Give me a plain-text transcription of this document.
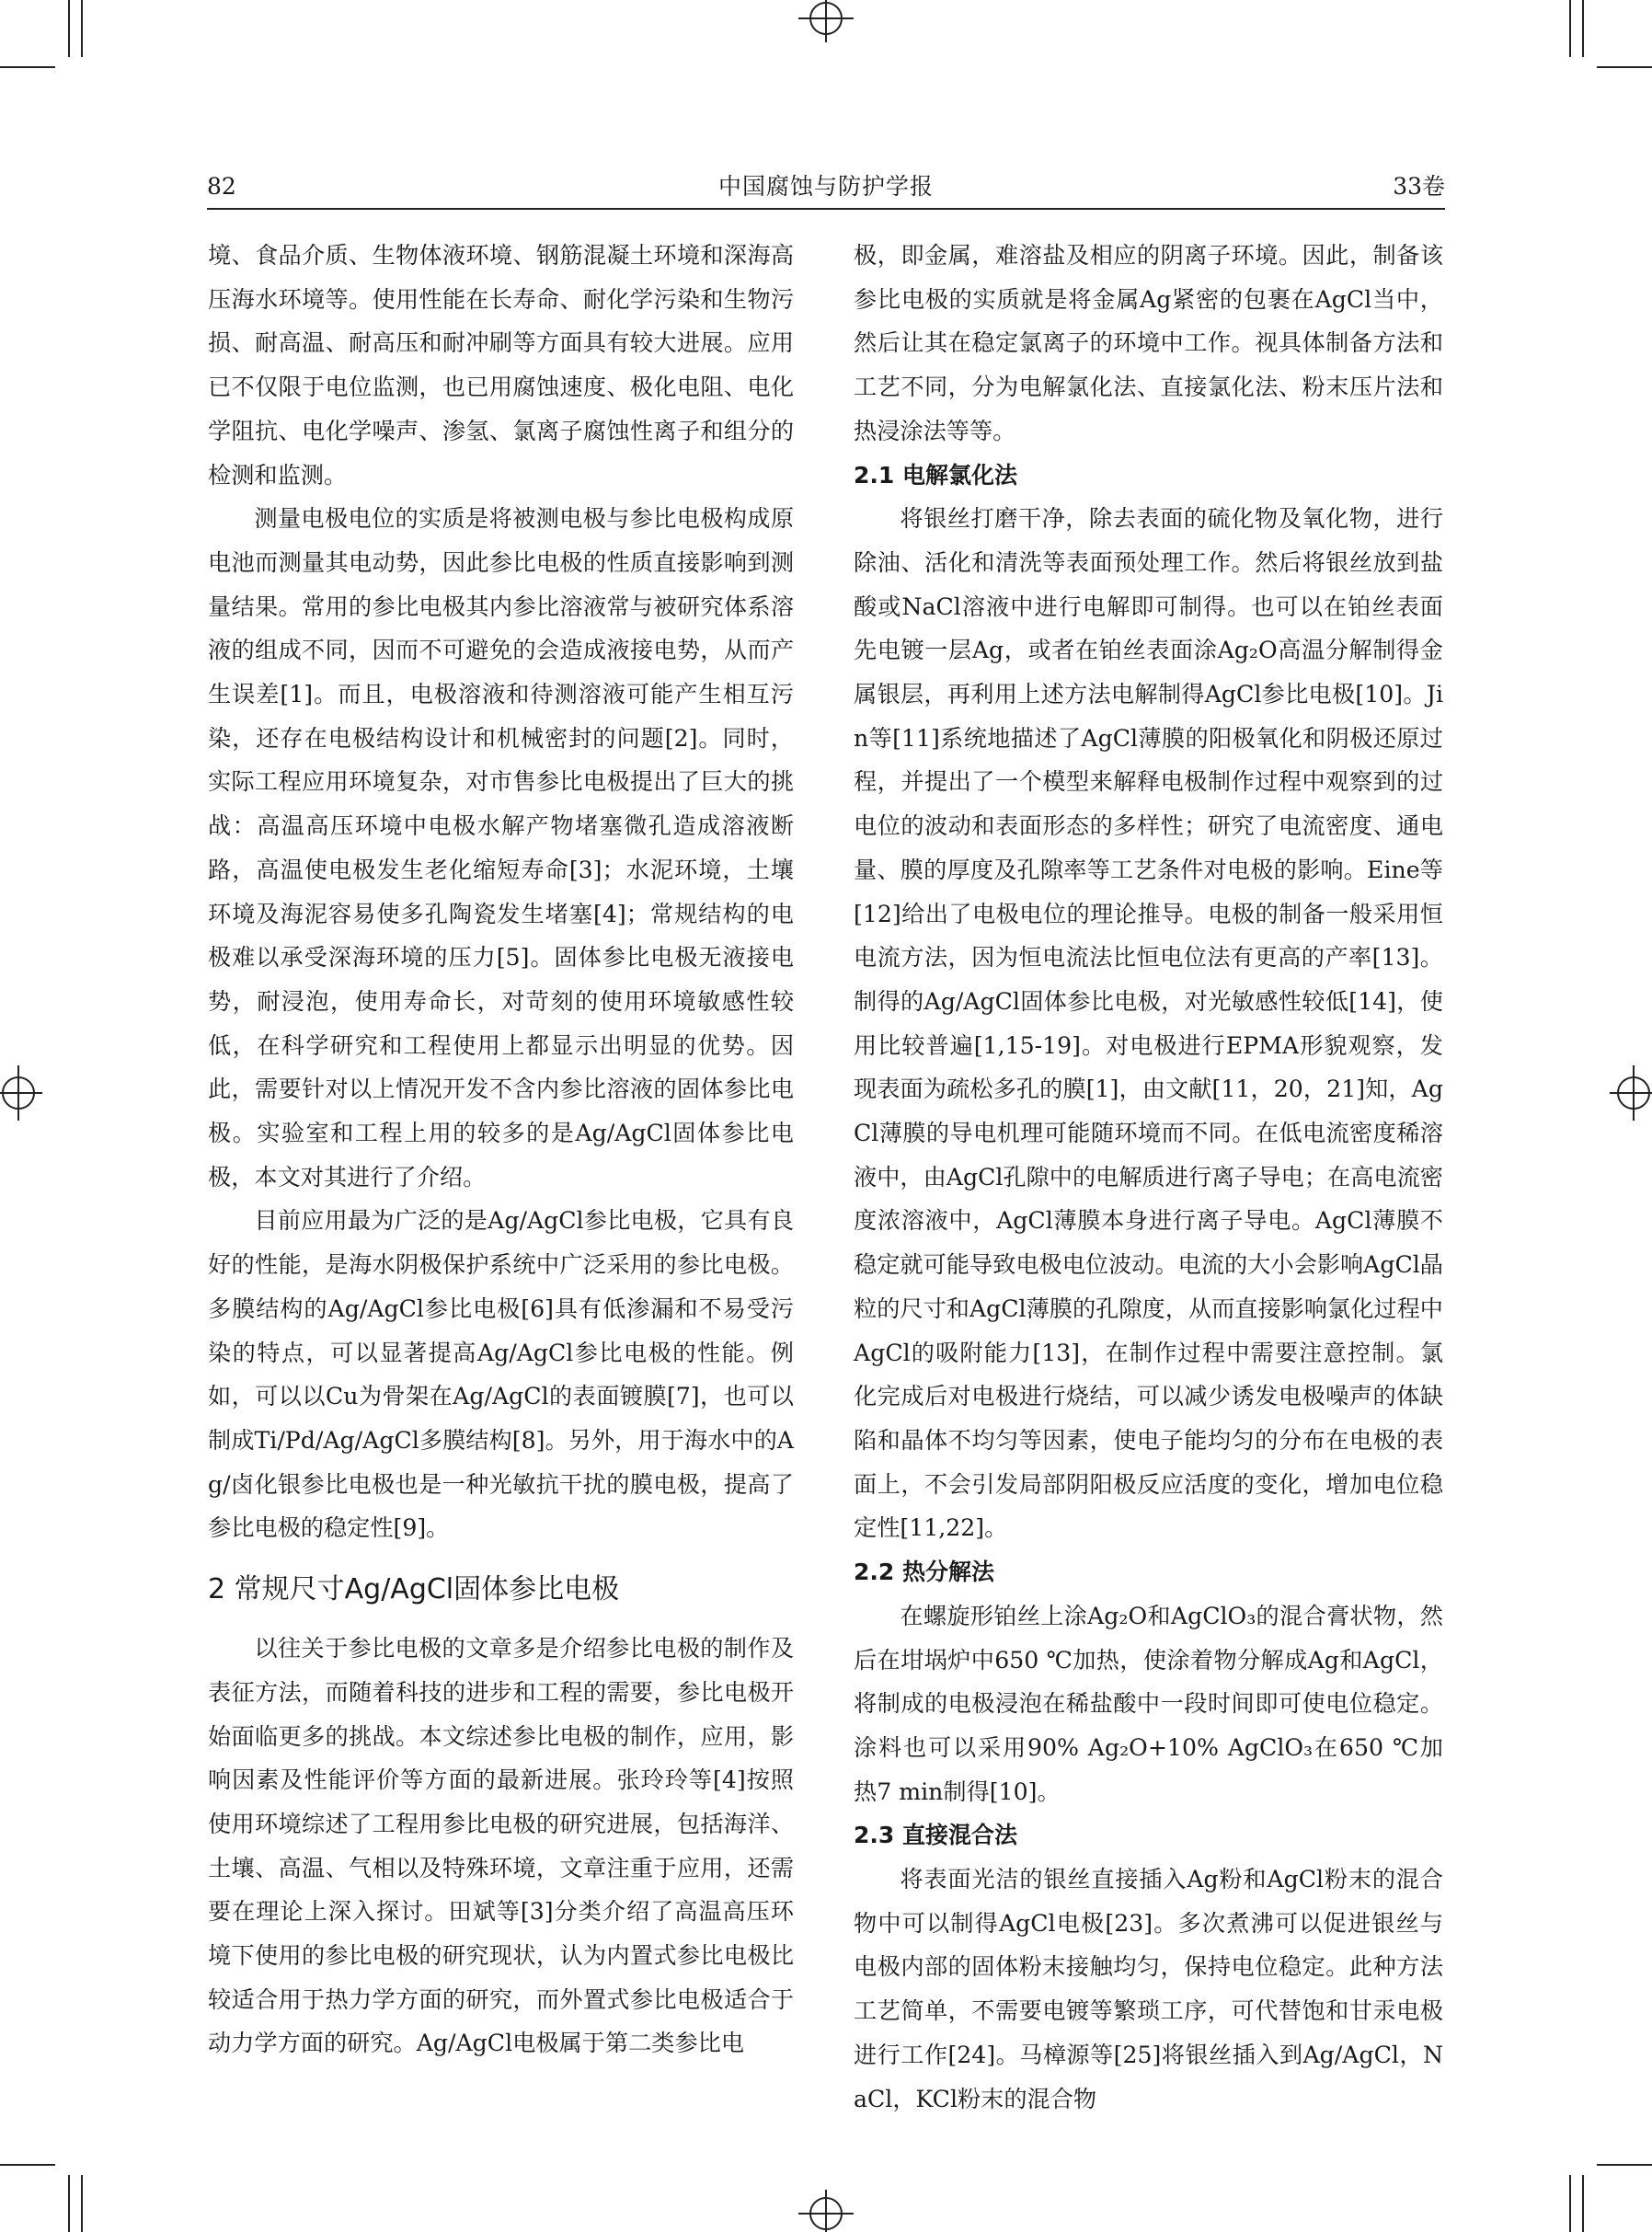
82	中国腐蚀与防护学报	33卷

境、食品介质、生物体液环境、钢筋混凝土环境和深海高压海水环境等。使用性能在长寿命、耐化学污染和生物污损、耐高温、耐高压和耐冲刷等方面具有较大进展。应用已不仅限于电位监测，也已用腐蚀速度、极化电阻、电化学阻抗、电化学噪声、渗氢、氯离子腐蚀性离子和组分的检测和监测。

测量电极电位的实质是将被测电极与参比电极构成原电池而测量其电动势，因此参比电极的性质直接影响到测量结果。常用的参比电极其内参比溶液常与被研究体系溶液的组成不同，因而不可避免的会造成液接电势，从而产生误差[1]。而且，电极溶液和待测溶液可能产生相互污染，还存在电极结构设计和机械密封的问题[2]。同时，实际工程应用环境复杂，对市售参比电极提出了巨大的挑战：高温高压环境中电极水解产物堵塞微孔造成溶液断路，高温使电极发生老化缩短寿命[3]；水泥环境，土壤环境及海泥容易使多孔陶瓷发生堵塞[4]；常规结构的电极难以承受深海环境的压力[5]。固体参比电极无液接电势，耐浸泡，使用寿命长，对苛刻的使用环境敏感性较低，在科学研究和工程使用上都显示出明显的优势。因此，需要针对以上情况开发不含内参比溶液的固体参比电极。实验室和工程上用的较多的是Ag/AgCl固体参比电极，本文对其进行了介绍。

目前应用最为广泛的是Ag/AgCl参比电极，它具有良好的性能，是海水阴极保护系统中广泛采用的参比电极。多膜结构的Ag/AgCl参比电极[6]具有低渗漏和不易受污染的特点，可以显著提高Ag/AgCl参比电极的性能。例如，可以以Cu为骨架在Ag/AgCl的表面镀膜[7]，也可以制成Ti/Pd/Ag/AgCl多膜结构[8]。另外，用于海水中的Ag/卤化银参比电极也是一种光敏抗干扰的膜电极，提高了参比电极的稳定性[9]。

2 常规尺寸Ag/AgCl固体参比电极

以往关于参比电极的文章多是介绍参比电极的制作及表征方法，而随着科技的进步和工程的需要，参比电极开始面临更多的挑战。本文综述参比电极的制作，应用，影响因素及性能评价等方面的最新进展。张玲玲等[4]按照使用环境综述了工程用参比电极的研究进展，包括海洋、土壤、高温、气相以及特殊环境，文章注重于应用，还需要在理论上深入探讨。田斌等[3]分类介绍了高温高压环境下使用的参比电极的研究现状，认为内置式参比电极比较适合用于热力学方面的研究，而外置式参比电极适合于动力学方面的研究。Ag/AgCl电极属于第二类参比电

极，即金属，难溶盐及相应的阴离子环境。因此，制备该参比电极的实质就是将金属Ag紧密的包裹在AgCl当中，然后让其在稳定氯离子的环境中工作。视具体制备方法和工艺不同，分为电解氯化法、直接氯化法、粉末压片法和热浸涂法等等。

2.1 电解氯化法

将银丝打磨干净，除去表面的硫化物及氧化物，进行除油、活化和清洗等表面预处理工作。然后将银丝放到盐酸或NaCl溶液中进行电解即可制得。也可以在铂丝表面先电镀一层Ag，或者在铂丝表面涂Ag₂O高温分解制得金属银层，再利用上述方法电解制得AgCl参比电极[10]。Jin等[11]系统地描述了AgCl薄膜的阳极氧化和阴极还原过程，并提出了一个模型来解释电极制作过程中观察到的过电位的波动和表面形态的多样性；研究了电流密度、通电量、膜的厚度及孔隙率等工艺条件对电极的影响。Eine等[12]给出了电极电位的理论推导。电极的制备一般采用恒电流方法，因为恒电流法比恒电位法有更高的产率[13]。制得的Ag/AgCl固体参比电极，对光敏感性较低[14]，使用比较普遍[1,15-19]。对电极进行EPMA形貌观察，发现表面为疏松多孔的膜[1]，由文献[11，20，21]知，AgCl薄膜的导电机理可能随环境而不同。在低电流密度稀溶液中，由AgCl孔隙中的电解质进行离子导电；在高电流密度浓溶液中，AgCl薄膜本身进行离子导电。AgCl薄膜不稳定就可能导致电极电位波动。电流的大小会影响AgCl晶粒的尺寸和AgCl薄膜的孔隙度，从而直接影响氯化过程中AgCl的吸附能力[13]，在制作过程中需要注意控制。氯化完成后对电极进行烧结，可以减少诱发电极噪声的体缺陷和晶体不均匀等因素，使电子能均匀的分布在电极的表面上，不会引发局部阴阳极反应活度的变化，增加电位稳定性[11,22]。

2.2 热分解法

在螺旋形铂丝上涂Ag₂O和AgClO₃的混合膏状物，然后在坩埚炉中650 ℃加热，使涂着物分解成Ag和AgCl，将制成的电极浸泡在稀盐酸中一段时间即可使电位稳定。涂料也可以采用90% Ag₂O+10% AgClO₃在650 ℃加热7 min制得[10]。

2.3 直接混合法

将表面光洁的银丝直接插入Ag粉和AgCl粉末的混合物中可以制得AgCl电极[23]。多次煮沸可以促进银丝与电极内部的固体粉末接触均匀，保持电位稳定。此种方法工艺简单，不需要电镀等繁琐工序，可代替饱和甘汞电极进行工作[24]。马樟源等[25]将银丝插入到Ag/AgCl，NaCl，KCl粉末的混合物
